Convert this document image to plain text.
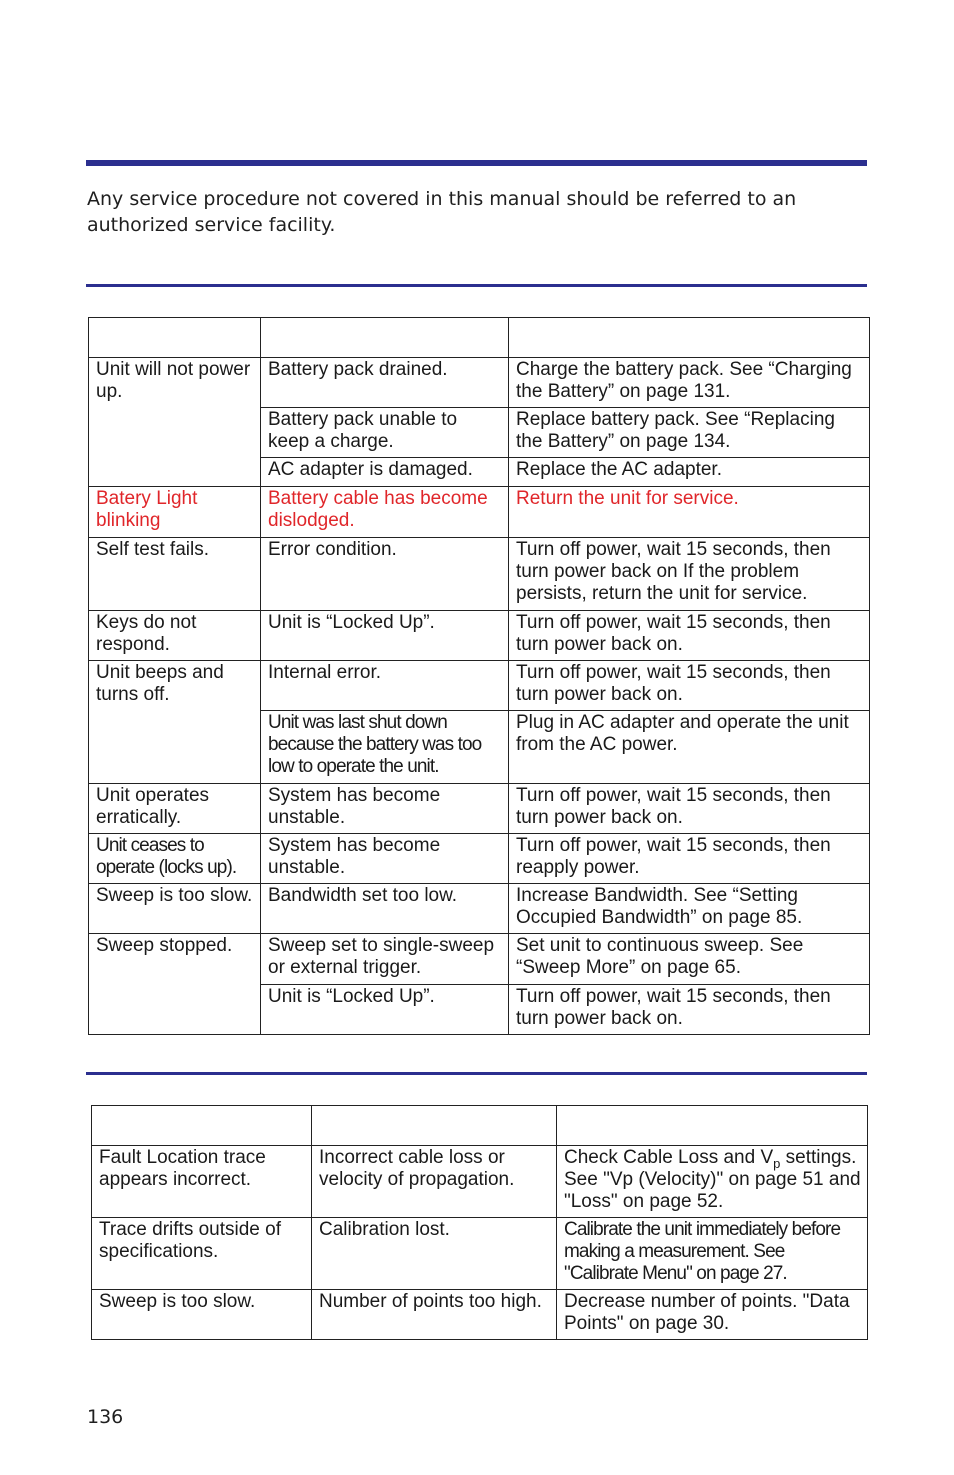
Any service procedure not covered in this manual should be referred to an authorized service facility.

Unit will not power up.	Battery pack drained.	Charge the battery pack. See “Charging the Battery” on page 131.
	Battery pack unable to keep a charge.	Replace battery pack. See “Replacing the Battery” on page 134.
	AC adapter is damaged.	Replace the AC adapter.
Batery Light blinking	Battery cable has become dislodged.	Return the unit for service.
Self test fails.	Error condition.	Turn off power, wait 15 seconds, then turn power back on If the problem persists, return the unit for service.
Keys do not respond.	Unit is “Locked Up”.	Turn off power, wait 15 seconds, then turn power back on.
Unit beeps and turns off.	Internal error.	Turn off power, wait 15 seconds, then turn power back on.
	Unit was last shut down because the battery was too low to operate the unit.	Plug in AC adapter and operate the unit from the AC power.
Unit operates erratically.	System has become unstable.	Turn off power, wait 15 seconds, then turn power back on.
Unit ceases to operate (locks up).	System has become unstable.	Turn off power, wait 15 seconds, then reapply power.
Sweep is too slow.	Bandwidth set too low.	Increase Bandwidth. See “Setting Occupied Bandwidth” on page 85.
Sweep stopped.	Sweep set to single-sweep or external trigger.	Set unit to continuous sweep. See “Sweep More” on page 65.
	Unit is “Locked Up”.	Turn off power, wait 15 seconds, then turn power back on.

Fault Location trace appears incorrect.	Incorrect cable loss or velocity of propagation.	Check Cable Loss and $V_p$ settings. See "Vp (Velocity)" on page 51 and "Loss" on page 52.
Trace drifts outside of specifications.	Calibration lost.	Calibrate the unit immediately before making a measurement. See "Calibrate Menu" on page 27.
Sweep is too slow.	Number of points too high.	Decrease number of points. "Data Points" on page 30.
136
